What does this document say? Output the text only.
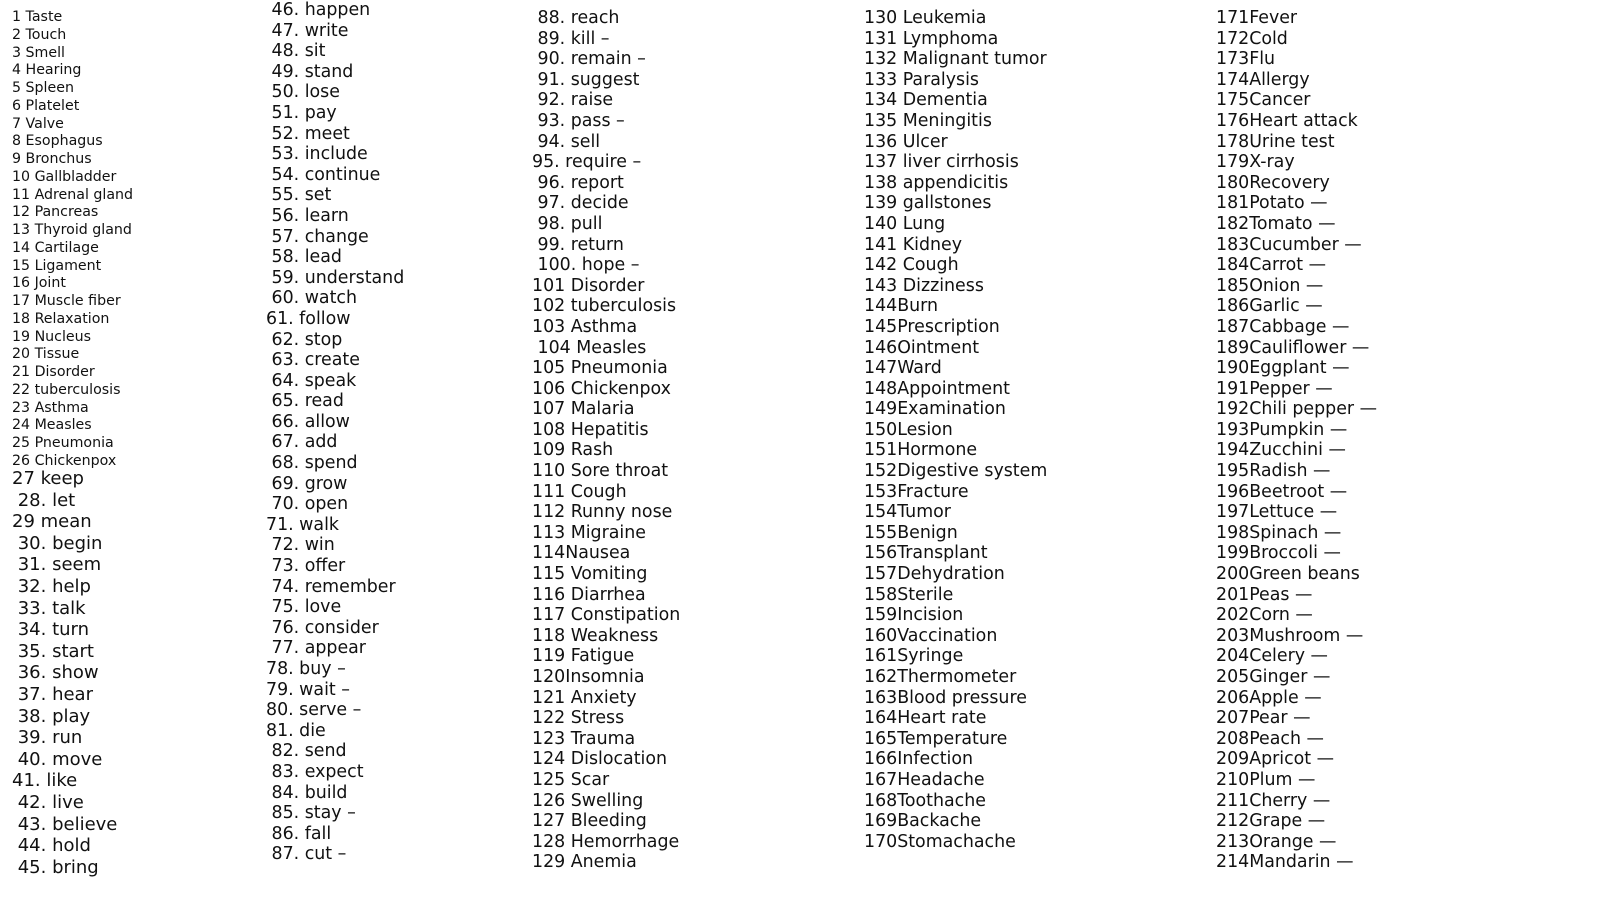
1 Taste
2 Touch
3 Smell
4 Hearing
5 Spleen
6 Platelet
7 Valve
8 Esophagus
9 Bronchus
10 Gallbladder
11 Adrenal gland
12 Pancreas
13 Thyroid gland
14 Cartilage
15 Ligament
16 Joint
17 Muscle fiber
18 Relaxation
19 Nucleus
20 Tissue
21 Disorder
22 tuberculosis
23 Asthma
24 Measles
25 Pneumonia
26 Chickenpox
27 keep
28. let
29 mean
30. begin
31. seem
32. help
33. talk
34. turn
35. start
36. show
37. hear
38. play
39. run
40. move
41. like
42. live
43. believe
44. hold
45. bring
46. happen
47. write
48. sit
49. stand
50. lose
51. pay
52. meet
53. include
54. continue
55. set
56. learn
57. change
58. lead
59. understand
60. watch
61. follow
62. stop
63. create
64. speak
65. read
66. allow
67. add
68. spend
69. grow
70. open
71. walk
72. win
73. offer
74. remember
75. love
76. consider
77. appear
78. buy –
79. wait –
80. serve –
81. die
82. send
83. expect
84. build
85. stay –
86. fall
87. cut –
88. reach
89. kill –
90. remain –
91. suggest
92. raise
93. pass –
94. sell
95. require –
96. report
97. decide
98. pull
99. return
100. hope –
101 Disorder
102 tuberculosis
103 Asthma
104 Measles
105 Pneumonia
106 Chickenpox
107 Malaria
108 Hepatitis
109 Rash
110 Sore throat
111 Cough
112 Runny nose
113 Migraine
114Nausea
115 Vomiting
116 Diarrhea
117 Constipation
118 Weakness
119 Fatigue
120Insomnia
121 Anxiety
122 Stress
123 Trauma
124 Dislocation
125 Scar
126 Swelling
127 Bleeding
128 Hemorrhage
129 Anemia
130 Leukemia
131 Lymphoma
132 Malignant tumor
133 Paralysis
134 Dementia
135 Meningitis
136 Ulcer
137 liver cirrhosis
138 appendicitis
139 gallstones
140 Lung
141 Kidney
142 Cough
143 Dizziness
144Burn
145Prescription
146Ointment
147Ward
148Appointment
149Examination
150Lesion
151Hormone
152Digestive system
153Fracture
154Tumor
155Benign
156Transplant
157Dehydration
158Sterile
159Incision
160Vaccination
161Syringe
162Thermometer
163Blood pressure
164Heart rate
165Temperature
166Infection
167Headache
168Toothache
169Backache
170Stomachache
171Fever
172Cold
173Flu
174Allergy
175Cancer
176Heart attack
178Urine test
179X-ray
180Recovery
181Potato —
182Tomato —
183Cucumber —
184Carrot —
185Onion —
186Garlic —
187Cabbage —
189Cauliflower —
190Eggplant —
191Pepper —
192Chili pepper —
193Pumpkin —
194Zucchini —
195Radish —
196Beetroot —
197Lettuce —
198Spinach —
199Broccoli —
200Green beans
201Peas —
202Corn —
203Mushroom —
204Celery —
205Ginger —
206Apple —
207Pear —
208Peach —
209Apricot —
210Plum —
211Cherry —
212Grape —
213Orange —
214Mandarin —
